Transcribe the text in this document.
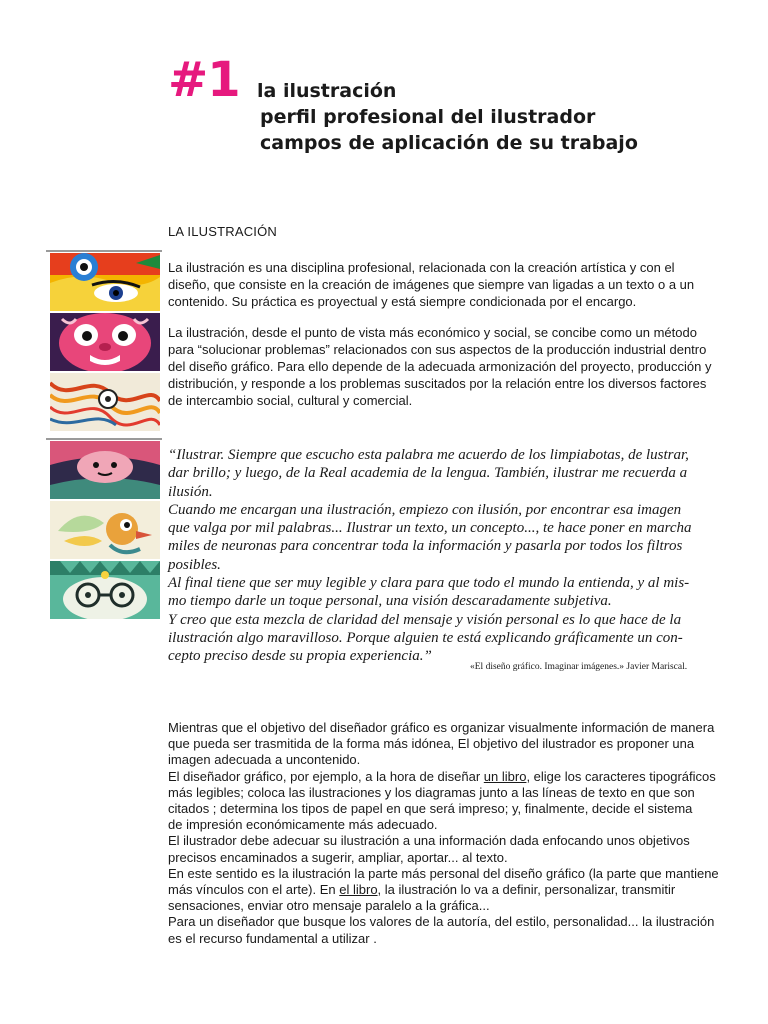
#1 la ilustración
perfil profesional del ilustrador
campos de aplicación de su trabajo
LA ILUSTRACIÓN
La ilustración es una disciplina profesional, relacionada con la creación artística y con el
diseño, que consiste en la creación de imágenes que siempre van ligadas a un texto o a un
contenido. Su práctica es proyectual y está siempre condicionada por el encargo.
La ilustración, desde el punto de vista más económico y social, se concibe como un método
para “solucionar problemas” relacionados con sus aspectos de la producción industrial dentro
del diseño gráfico. Para ello depende de la adecuada armonización del proyecto, producción y
distribución, y responde a los problemas suscitados por la relación entre los diversos factores
de intercambio social, cultural y comercial.
“Ilustrar. Siempre que escucho esta palabra me acuerdo de los limpiabotas, de lustrar,
dar brillo; y luego, de la Real academia de la lengua. También, ilustrar me recuerda a
ilusión.
Cuando me encargan una ilustración, empiezo con ilusión, por encontrar esa imagen
que valga por mil palabras... Ilustrar un texto, un concepto..., te hace poner en marcha
miles de neuronas para concentrar toda la información y pasarla por todos los filtros
posibles.
Al final tiene que ser muy legible y clara para que todo el mundo la entienda, y al mis-
mo tiempo darle un toque personal, una visión descaradamente subjetiva.
Y creo que esta mezcla de claridad del mensaje y visión personal es lo que hace de la
ilustración algo maravilloso. Porque alguien te está explicando gráficamente un con-
cepto preciso desde su propia experiencia.”
«El diseño gráfico. Imaginar imágenes.» Javier Mariscal.
Mientras que el objetivo del diseñador gráfico es organizar visualmente información de manera
que pueda ser trasmitida de la forma más idónea, El objetivo del ilustrador es proponer una
imagen adecuada a uncontenido.
El diseñador gráfico, por ejemplo, a la hora de diseñar un libro, elige los caracteres tipográficos
más legibles; coloca las ilustraciones y los diagramas junto a las líneas de texto en que son
citados ; determina los tipos de papel en que será impreso; y, finalmente, decide el sistema
de impresión económicamente más adecuado.
El ilustrador debe adecuar su ilustración a una información dada enfocando unos objetivos
precisos encaminados a sugerir, ampliar, aportar... al texto.
En este sentido es la ilustración la parte más personal del diseño gráfico (la parte que mantiene
más vínculos con el arte). En el libro, la ilustración lo va a definir, personalizar, transmitir
sensaciones, enviar otro mensaje paralelo a la gráfica...
Para un diseñador que busque los valores de la autoría, del estilo, personalidad... la ilustración
es el recurso fundamental a utilizar .
